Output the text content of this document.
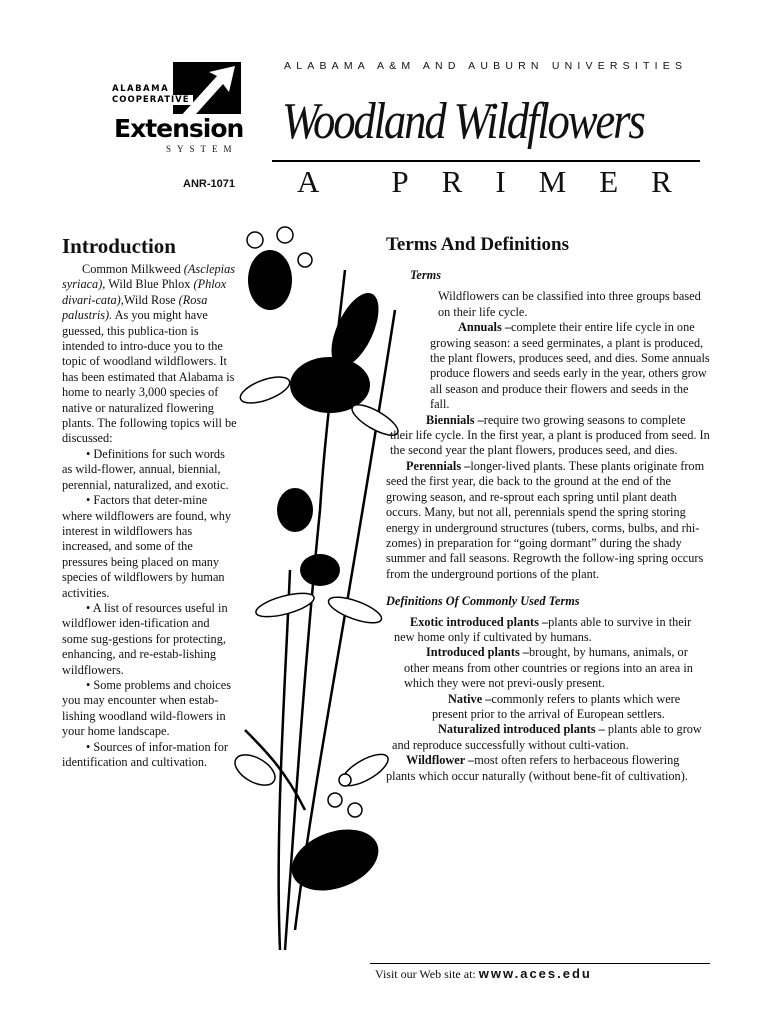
ALABAMA A&M AND AUBURN UNIVERSITIES
ALABAMA
COOPERATIVE
Extension
SYSTEM Woodland Wildflowers
ANR-1071 A PRIMER
Introduction

Common Milkweed (Asclepias syriaca), Wild Blue Phlox (Phlox divari-cata),Wild Rose (Rosa palustris). As you might have guessed, this publica-tion is intended to intro-duce you to the topic of woodland wildflowers. It has been estimated that Alabama is home to nearly 3,000 species of native or naturalized flowering plants. The following topics will be discussed:

• Definitions for such words as wild-flower, annual, biennial, perennial, naturalized, and exotic.

• Factors that deter-mine where wildflowers are found, why interest in wildflowers has increased, and some of the pressures being placed on many species of wildflowers by human activities.

• A list of resources useful in wildflower iden-tification and some sug-gestions for protecting, enhancing, and re-estab-lishing wildflowers.

• Some problems and choices you may encounter when estab-lishing woodland wild-flowers in your home landscape.

• Sources of infor-mation for identification and cultivation.

Terms And Definitions

Terms

Wildflowers can be classified into three groups based on their life cycle.

Annuals –complete their entire life cycle in one growing season: a seed germinates, a plant is produced, the plant flowers, produces seed, and dies. Some annuals produce flowers and seeds early in the year, others grow all season and produce their flowers and seeds in the fall.

Biennials –require two growing seasons to complete their life cycle. In the first year, a plant is produced from seed. In the second year the plant flowers, produces seed, and dies.

Perennials –longer-lived plants. These plants originate from seed the first year, die back to the ground at the end of the growing season, and re-sprout each spring until plant death occurs. Many, but not all, perennials spend the spring storing energy in underground structures (tubers, corms, bulbs, and rhi-zomes) in preparation for “going dormant” during the shady summer and fall seasons. Regrowth the follow-ing spring occurs from the underground portions of the plant.

Definitions Of Commonly Used Terms

Exotic introduced plants –plants able to survive in their new home only if cultivated by humans.

Introduced plants –brought, by humans, animals, or other means from other countries or regions into an area in which they were not previ-ously present.

Native –commonly refers to plants which were present prior to the arrival of European settlers.

Naturalized introduced plants – plants able to grow and reproduce successfully without culti-vation.

Wildflower –most often refers to herbaceous flowering plants which occur naturally (without bene-fit of cultivation).

Visit our Web site at: www.aces.edu
